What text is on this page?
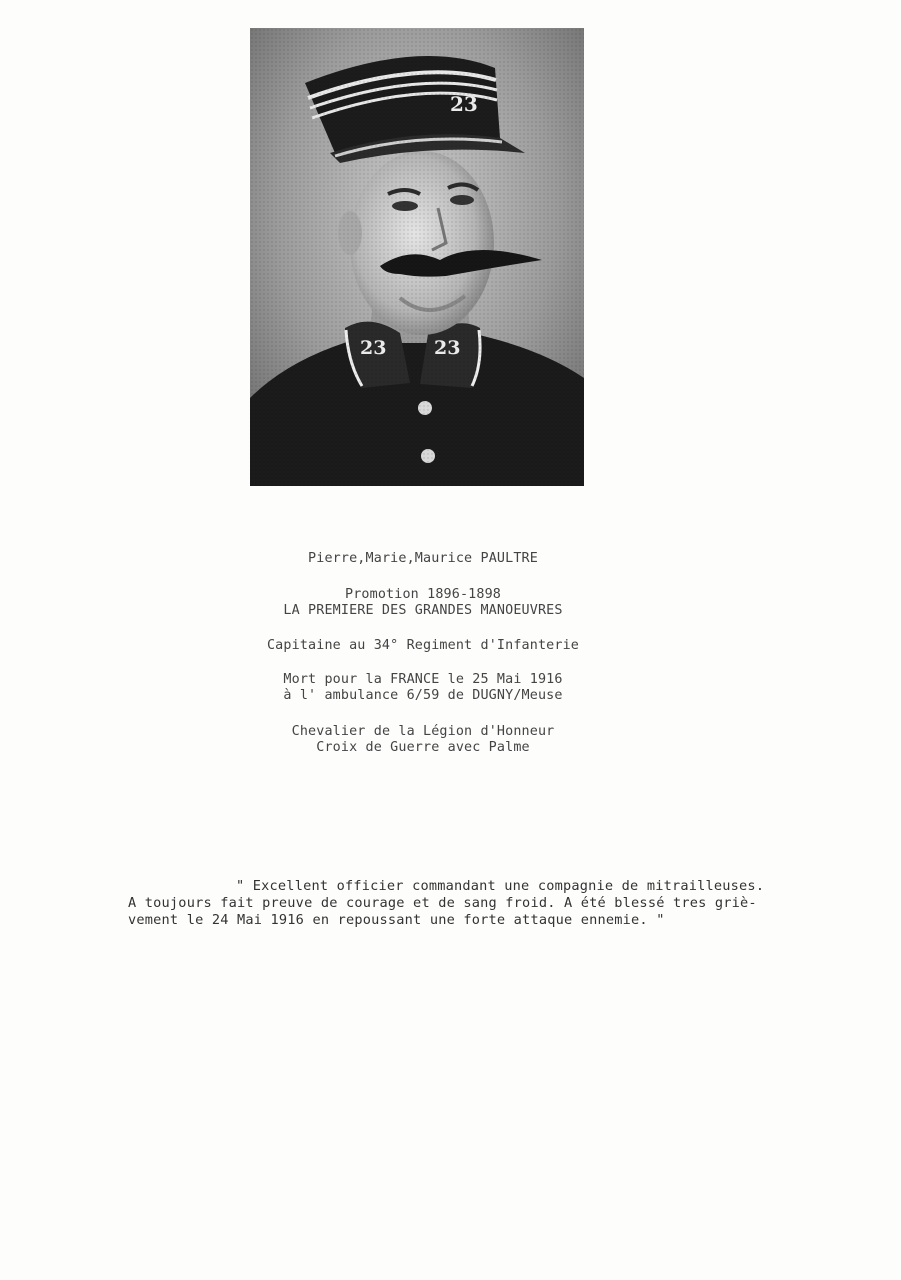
23
23	23
Pierre,Marie,Maurice PAULTRE
Promotion 1896-1898
LA PREMIERE DES GRANDES MANOEUVRES
Capitaine au 34° Regiment d'Infanterie
Mort pour la FRANCE le 25 Mai 1916
à l' ambulance 6/59 de DUGNY/Meuse
Chevalier de la Légion d'Honneur
Croix de Guerre avec Palme
" Excellent officier commandant une compagnie de mitrailleuses.
A toujours fait preuve de courage et de sang froid. A été blessé tres griè-
vement le 24 Mai 1916 en repoussant une forte attaque ennemie. "
